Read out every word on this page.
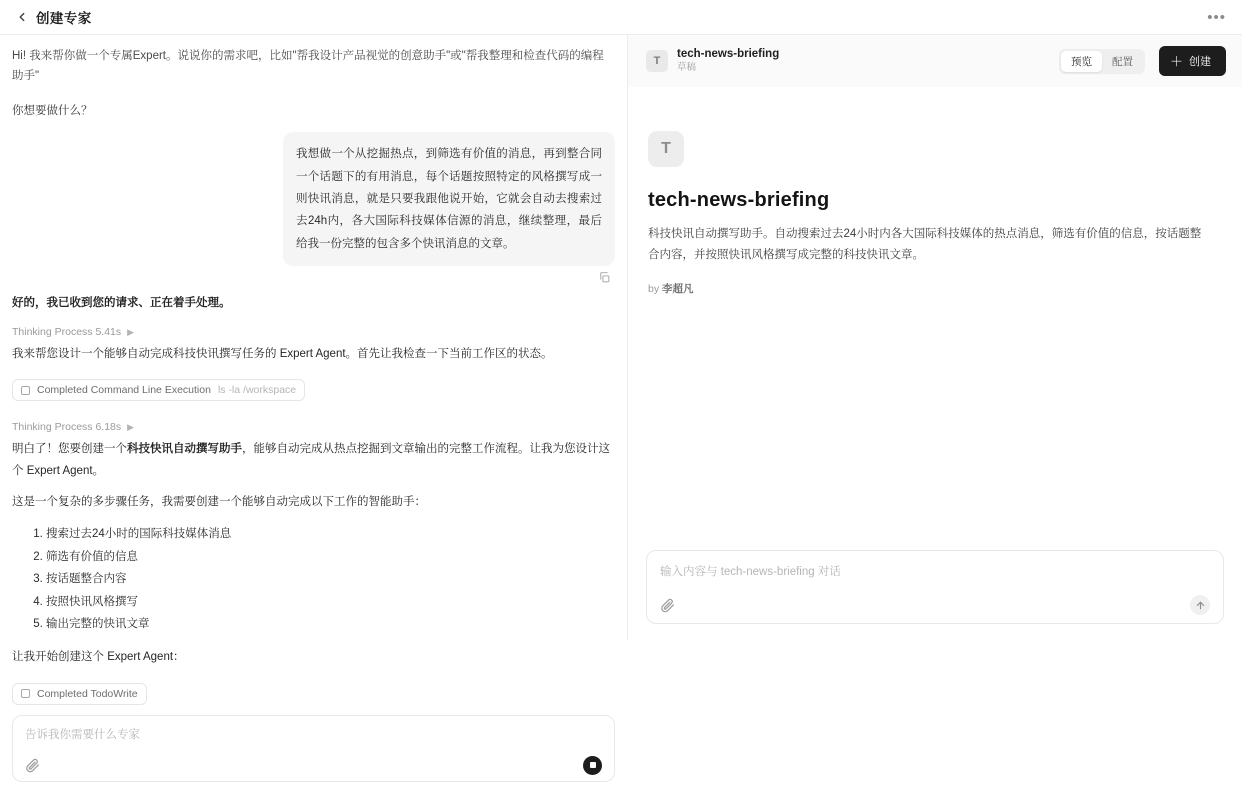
创建专家	•••
Hi! 我来帮你做一个专属Expert。说说你的需求吧，比如"帮我设计产品视觉的创意助手"或"帮我整理和检查代码的编程助手"
你想要做什么？
我想做一个从挖掘热点，到筛选有价值的消息，再到整合同一个话题下的有用消息，每个话题按照特定的风格撰写成一则快讯消息，就是只要我跟他说开始，它就会自动去搜索过去24h内，各大国际科技媒体信源的消息，继续整理，最后给我一份完整的包含多个快讯消息的文章。
好的，我已收到您的请求、正在着手处理。
Thinking Process 5.41s ▶
我来帮您设计一个能够自动完成科技快讯撰写任务的 Expert Agent。首先让我检查一下当前工作区的状态。
Completed Command Line Execution ls -la /workspace
Thinking Process 6.18s ▶
明白了！您要创建一个科技快讯自动撰写助手，能够自动完成从热点挖掘到文章输出的完整工作流程。让我为您设计这个 Expert Agent。
这是一个复杂的多步骤任务，我需要创建一个能够自动完成以下工作的智能助手：
1. 搜索过去24小时的国际科技媒体消息
2. 筛选有价值的信息
3. 按话题整合内容
4. 按照快讯风格撰写
5. 输出完整的快讯文章
让我开始创建这个 Expert Agent：
Completed TodoWrite
告诉我你需要什么专家
T
tech-news-briefing
草稿
预览	配置	＋ 创建
T
tech-news-briefing

科技快讯自动撰写助手。自动搜索过去24小时内各大国际科技媒体的热点消息，筛选有价值的信息，按话题整合内容，并按照快讯风格撰写成完整的科技快讯文章。

by 李超凡
输入内容与 tech-news-briefing 对话
